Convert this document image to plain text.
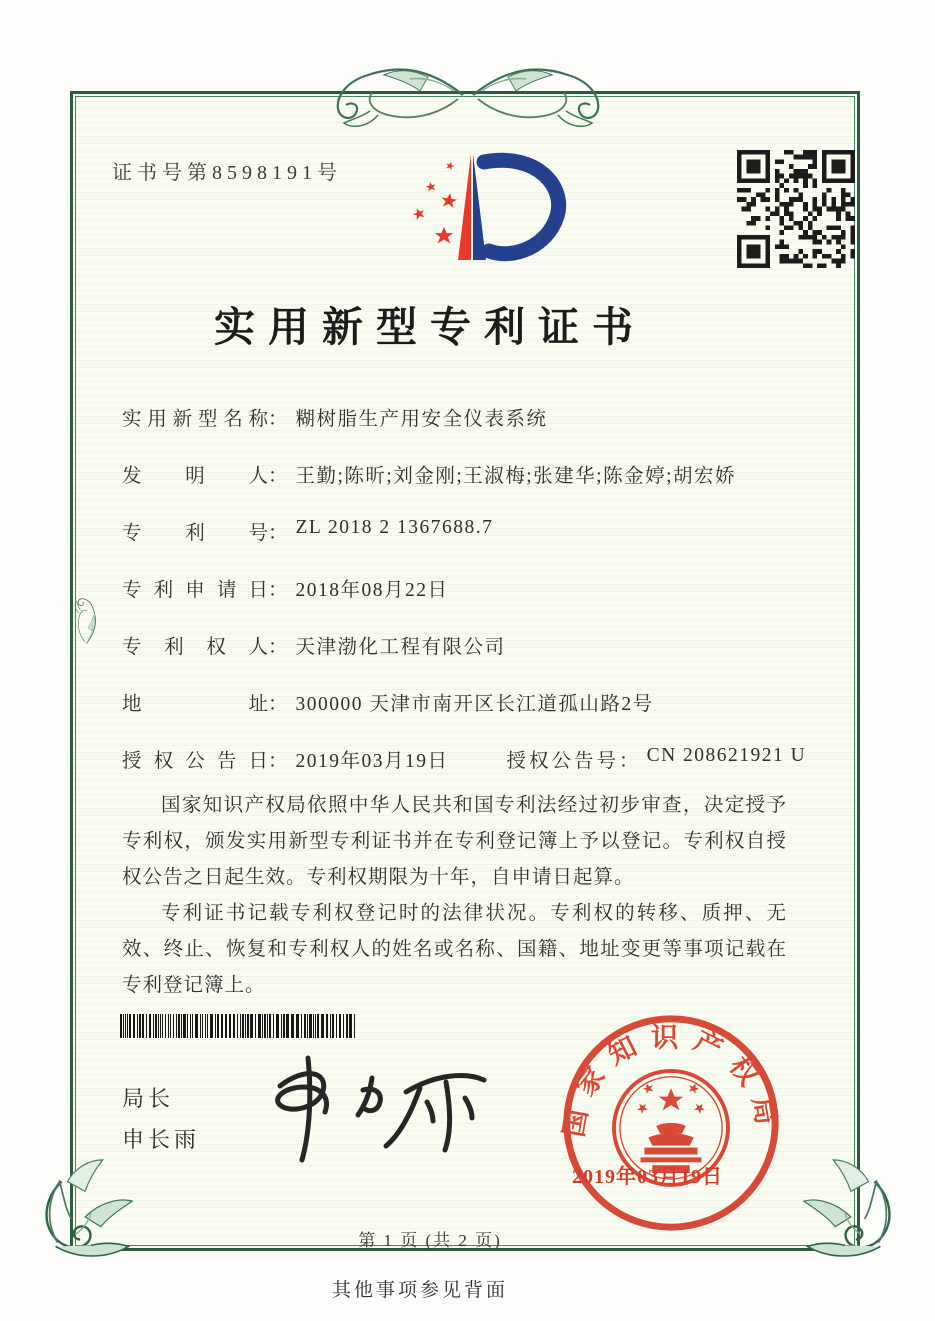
证书号第8598191号
实用新型专利证书
实用新型名称 ： 糊树脂生产用安全仪表系统
发明人 ： 王勤;陈昕;刘金刚;王淑梅;张建华;陈金婷;胡宏娇
专利号 ： ZL 2018 2 1367688.7
专利申请日 ： 2018年08月22日
专利权人 ： 天津渤化工程有限公司
地址 ： 300000 天津市南开区长江道孤山路2号
授权公告日 ： 2019年03月19日	授权公告号 ： CN 208621921 U

国家知识产权局依照中华人民共和国专利法经过初步审查，决定授予专利权，颁发实用新型专利证书并在专利登记簿上予以登记。专利权自授权公告之日起生效。专利权期限为十年，自申请日起算。

专利证书记载专利权登记时的法律状况。专利权的转移、质押、无效、终止、恢复和专利权人的姓名或名称、国籍、地址变更等事项记载在专利登记簿上。

局长
申长雨
国家知识产权局
2019年03月19日
第 1 页 (共 2 页)
其他事项参见背面
